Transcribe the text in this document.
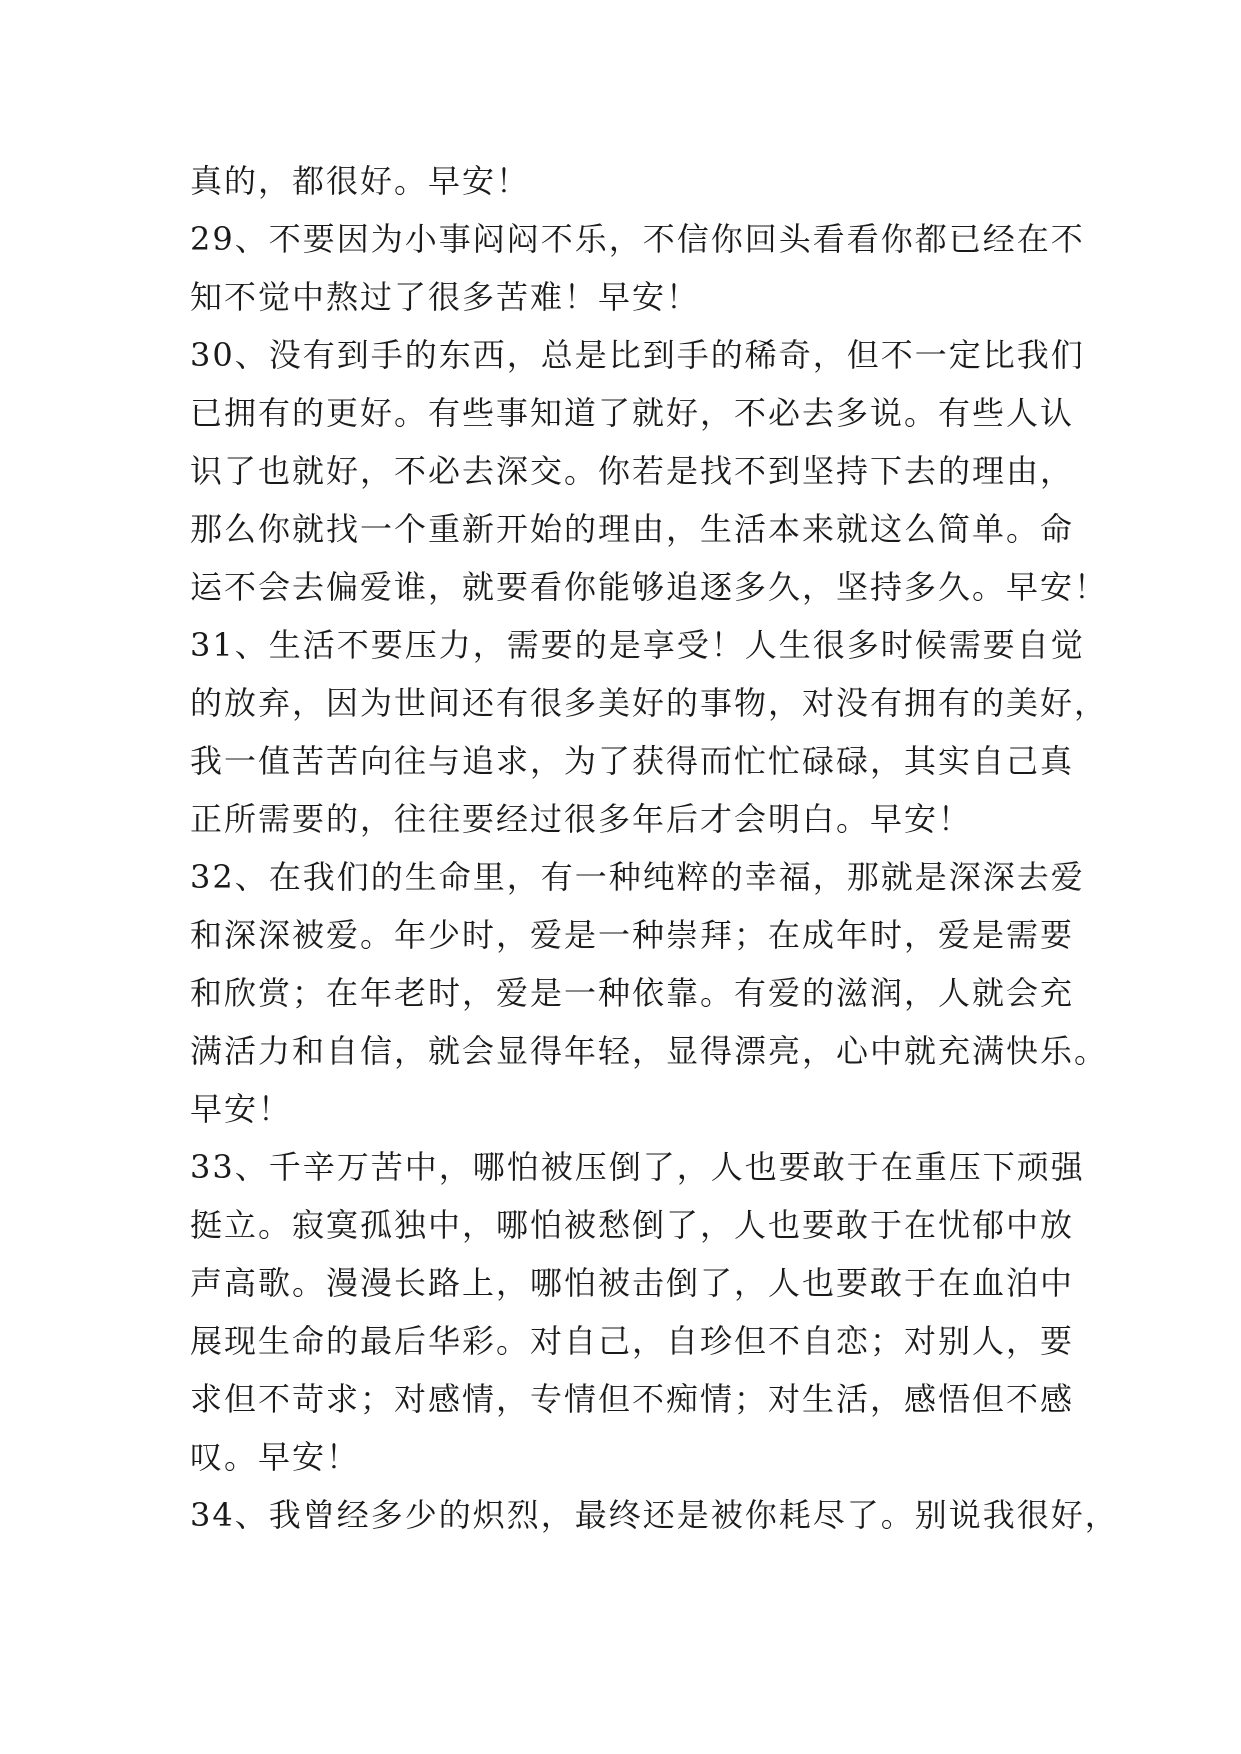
真的，都很好。早安！
29、不要因为小事闷闷不乐，不信你回头看看你都已经在不
知不觉中熬过了很多苦难！早安！
30、没有到手的东西，总是比到手的稀奇，但不一定比我们
已拥有的更好。有些事知道了就好，不必去多说。有些人认
识了也就好，不必去深交。你若是找不到坚持下去的理由，
那么你就找一个重新开始的理由，生活本来就这么简单。命
运不会去偏爱谁，就要看你能够追逐多久，坚持多久。早安！
31、生活不要压力，需要的是享受！人生很多时候需要自觉
的放弃，因为世间还有很多美好的事物，对没有拥有的美好，
我一值苦苦向往与追求，为了获得而忙忙碌碌，其实自己真
正所需要的，往往要经过很多年后才会明白。早安！
32、在我们的生命里，有一种纯粹的幸福，那就是深深去爱
和深深被爱。年少时，爱是一种崇拜；在成年时，爱是需要
和欣赏；在年老时，爱是一种依靠。有爱的滋润，人就会充
满活力和自信，就会显得年轻，显得漂亮，心中就充满快乐。
早安！
33、千辛万苦中，哪怕被压倒了，人也要敢于在重压下顽强
挺立。寂寞孤独中，哪怕被愁倒了，人也要敢于在忧郁中放
声高歌。漫漫长路上，哪怕被击倒了，人也要敢于在血泊中
展现生命的最后华彩。对自己，自珍但不自恋；对别人，要
求但不苛求；对感情，专情但不痴情；对生活，感悟但不感
叹。早安！
34、我曾经多少的炽烈，最终还是被你耗尽了。别说我很好，
